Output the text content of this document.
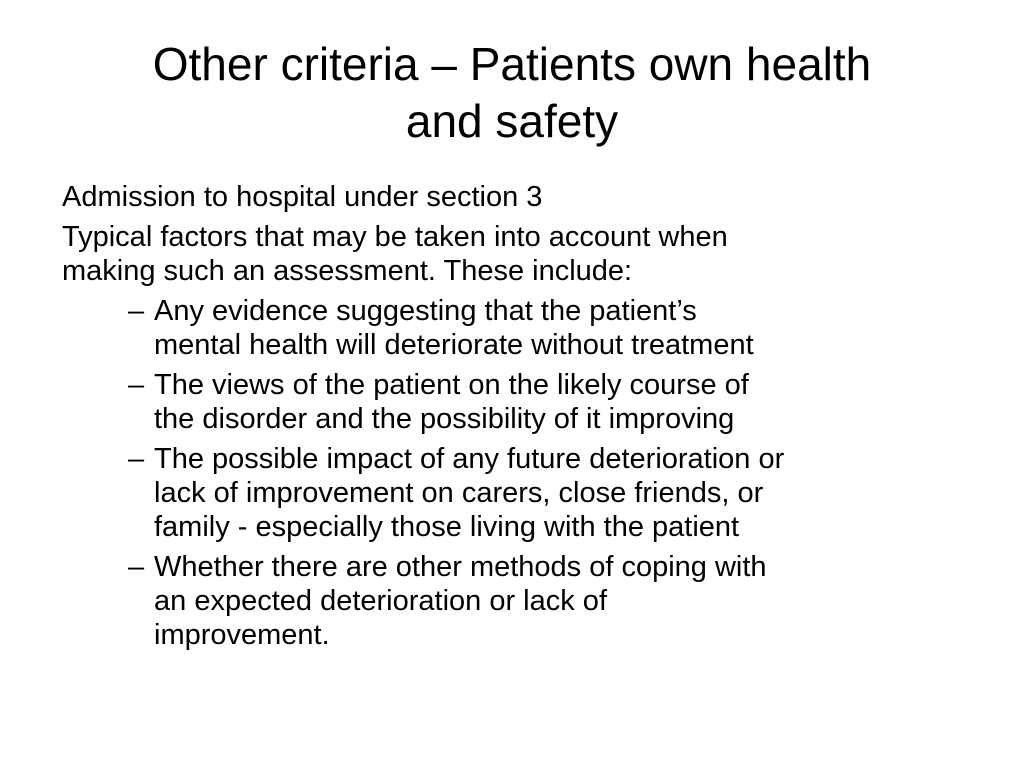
Other criteria – Patients own health
and safety

Admission to hospital under section 3

Typical factors that may be taken into account when
making such an assessment. These include:

– Any evidence suggesting that the patient’s
mental health will deteriorate without treatment
– The views of the patient on the likely course of
the disorder and the possibility of it improving
– The possible impact of any future deterioration or
lack of improvement on carers, close friends, or
family - especially those living with the patient
– Whether there are other methods of coping with
an expected deterioration or lack of
improvement.
